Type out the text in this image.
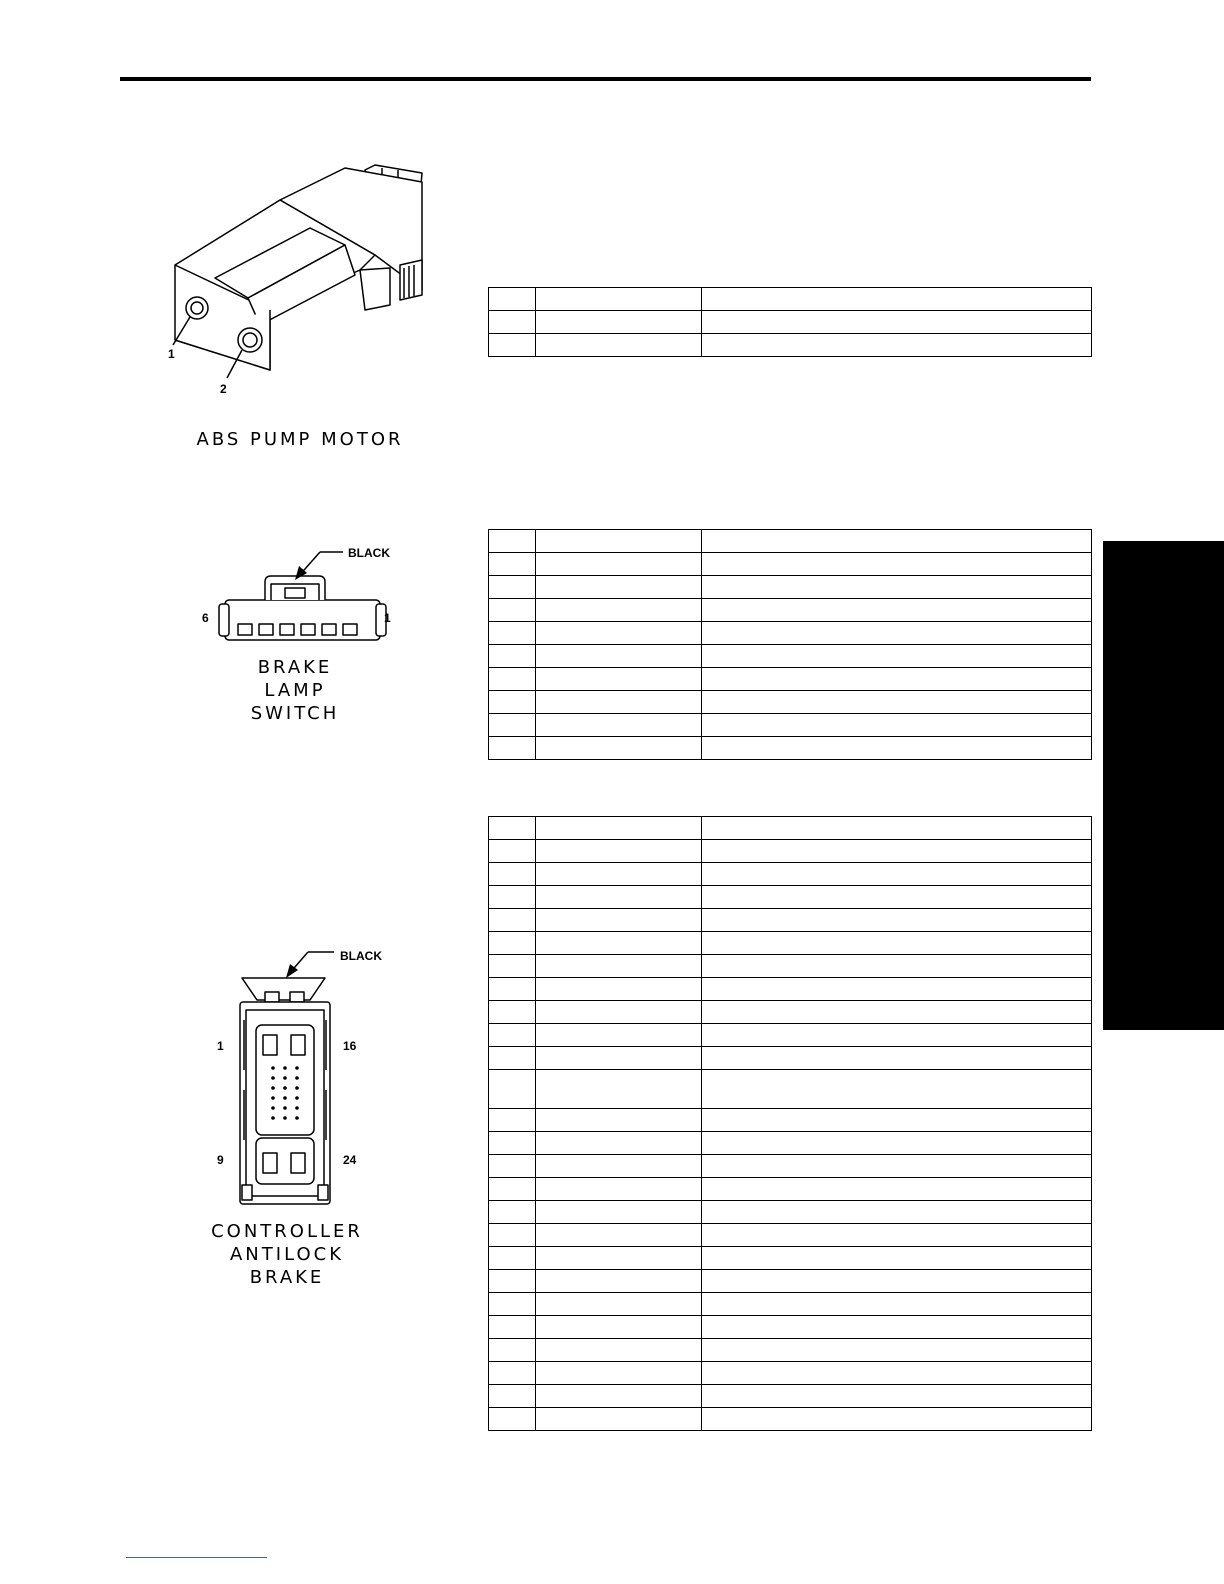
1
2
ABS PUMP MOTOR

BLACK
6	1
BRAKE
LAMP
SWITCH

BLACK
1	16
9	24
CONTROLLER
ANTILOCK
BRAKE
